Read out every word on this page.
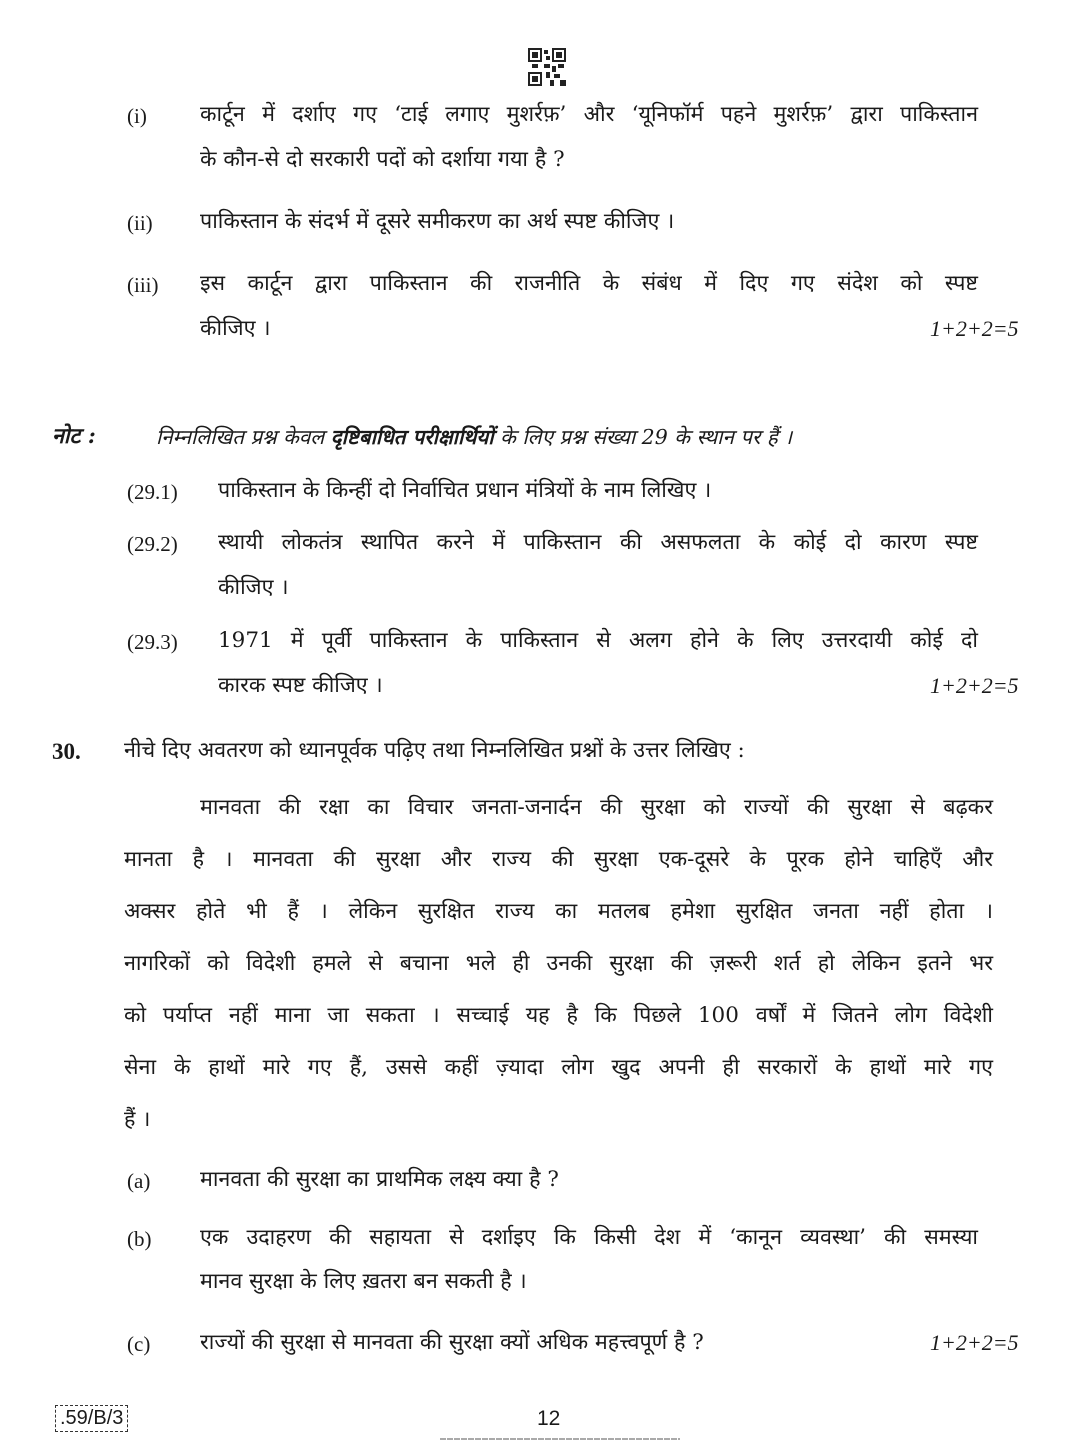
(i) कार्टून में दर्शाए गए ‘टाई लगाए मुशर्रफ़’ और ‘यूनिफॉर्म पहने मुशर्रफ़’ द्वारा पाकिस्तान
के कौन-से दो सरकारी पदों को दर्शाया गया है ?
(ii) पाकिस्तान के संदर्भ में दूसरे समीकरण का अर्थ स्पष्ट कीजिए ।
(iii) इस कार्टून द्वारा पाकिस्तान की राजनीति के संबंध में दिए गए संदेश को स्पष्ट
कीजिए ।	1+2+2=5
नोट :	निम्नलिखित प्रश्न केवल दृष्टिबाधित परीक्षार्थियों के लिए प्रश्न संख्या 29 के स्थान पर हैं ।
(29.1) पाकिस्तान के किन्हीं दो निर्वाचित प्रधान मंत्रियों के नाम लिखिए ।
(29.2) स्थायी लोकतंत्र स्थापित करने में पाकिस्तान की असफलता के कोई दो कारण स्पष्ट
कीजिए ।
(29.3) 1971 में पूर्वी पाकिस्तान के पाकिस्तान से अलग होने के लिए उत्तरदायी कोई दो
कारक स्पष्ट कीजिए ।	1+2+2=5
30. नीचे दिए अवतरण को ध्यानपूर्वक पढ़िए तथा निम्नलिखित प्रश्नों के उत्तर लिखिए :
मानवता की रक्षा का विचार जनता-जनार्दन की सुरक्षा को राज्यों की सुरक्षा से बढ़कर
मानता है । मानवता की सुरक्षा और राज्य की सुरक्षा एक-दूसरे के पूरक होने चाहिएँ और
अक्सर होते भी हैं । लेकिन सुरक्षित राज्य का मतलब हमेशा सुरक्षित जनता नहीं होता ।
नागरिकों को विदेशी हमले से बचाना भले ही उनकी सुरक्षा की ज़रूरी शर्त हो लेकिन इतने भर
को पर्याप्त नहीं माना जा सकता । सच्चाई यह है कि पिछले 100 वर्षों में जितने लोग विदेशी
सेना के हाथों मारे गए हैं, उससे कहीं ज़्यादा लोग खुद अपनी ही सरकारों के हाथों मारे गए
हैं ।
(a) मानवता की सुरक्षा का प्राथमिक लक्ष्य क्या है ?
(b) एक उदाहरण की सहायता से दर्शाइए कि किसी देश में ‘कानून व्यवस्था’ की समस्या
मानव सुरक्षा के लिए ख़तरा बन सकती है ।
(c) राज्यों की सुरक्षा से मानवता की सुरक्षा क्यों अधिक महत्त्वपूर्ण है ?	1+2+2=5
.59/B/3	12
